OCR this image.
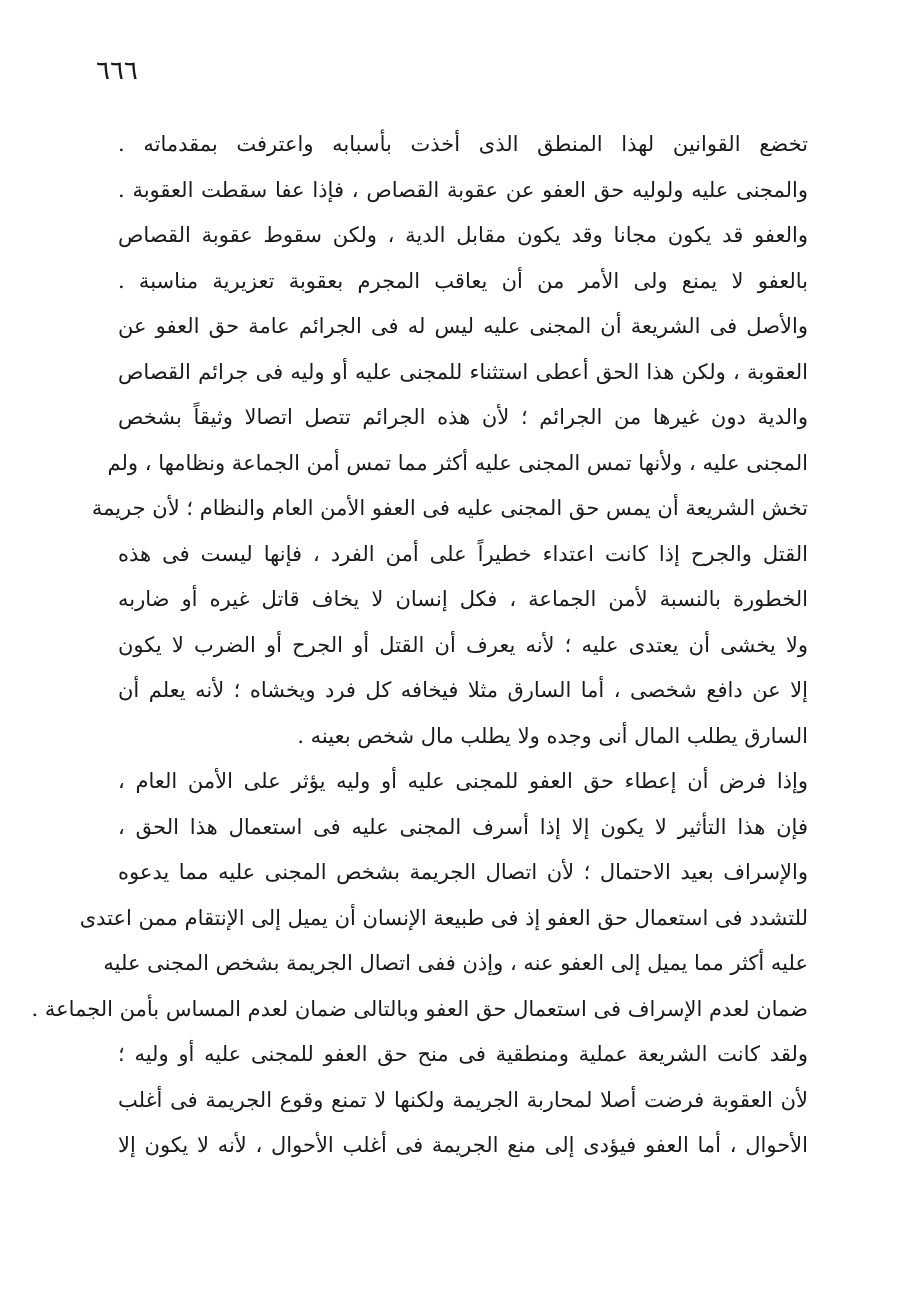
٦٦٦
تخضع القوانين لهذا المنطق الذى أخذت بأسبابه واعترفت بمقدماته .
والمجنى عليه ولوليه حق العفو عن عقوبة القصاص ، فإذا عفا سقطت العقوبة .
والعفو قد يكون مجانا وقد يكون مقابل الدية ، ولكن سقوط عقوبة القصاص
بالعفو لا يمنع ولى الأمر من أن يعاقب المجرم بعقوبة تعزيرية مناسبة .
والأصل فى الشريعة أن المجنى عليه ليس له فى الجرائم عامة حق العفو عن
العقوبة ، ولكن هذا الحق أعطى استثناء للمجنى عليه أو وليه فى جرائم القصاص
والدية دون غيرها من الجرائم ؛ لأن هذه الجرائم تتصل اتصالا وثيقاً بشخص
المجنى عليه ، ولأنها تمس المجنى عليه أكثر مما تمس أمن الجماعة ونظامها ، ولم
تخش الشريعة أن يمس حق المجنى عليه فى العفو الأمن العام والنظام ؛ لأن جريمة
القتل والجرح إذا كانت اعتداء خطيراً على أمن الفرد ، فإنها ليست فى هذه
الخطورة بالنسبة لأمن الجماعة ، فكل إنسان لا يخاف قاتل غيره أو ضاربه
ولا يخشى أن يعتدى عليه ؛ لأنه يعرف أن القتل أو الجرح أو الضرب لا يكون
إلا عن دافع شخصى ، أما السارق مثلا فيخافه كل فرد ويخشاه ؛ لأنه يعلم أن
السارق يطلب المال أنى وجده ولا يطلب مال شخص بعينه .
وإذا فرض أن إعطاء حق العفو للمجنى عليه أو وليه يؤثر على الأمن العام ،
فإن هذا التأثير لا يكون إلا إذا أسرف المجنى عليه فى استعمال هذا الحق ،
والإسراف بعيد الاحتمال ؛ لأن اتصال الجريمة بشخص المجنى عليه مما يدعوه
للتشدد فى استعمال حق العفو إذ فى طبيعة الإنسان أن يميل إلى الإنتقام ممن اعتدى
عليه أكثر مما يميل إلى العفو عنه ، وإذن ففى اتصال الجريمة بشخص المجنى عليه
ضمان لعدم الإسراف فى استعمال حق العفو وبالتالى ضمان لعدم المساس بأمن الجماعة .
ولقد كانت الشريعة عملية ومنطقية فى منح حق العفو للمجنى عليه أو وليه ؛
لأن العقوبة فرضت أصلا لمحاربة الجريمة ولكنها لا تمنع وقوع الجريمة فى أغلب
الأحوال ، أما العفو فيؤدى إلى منع الجريمة فى أغلب الأحوال ، لأنه لا يكون إلا
